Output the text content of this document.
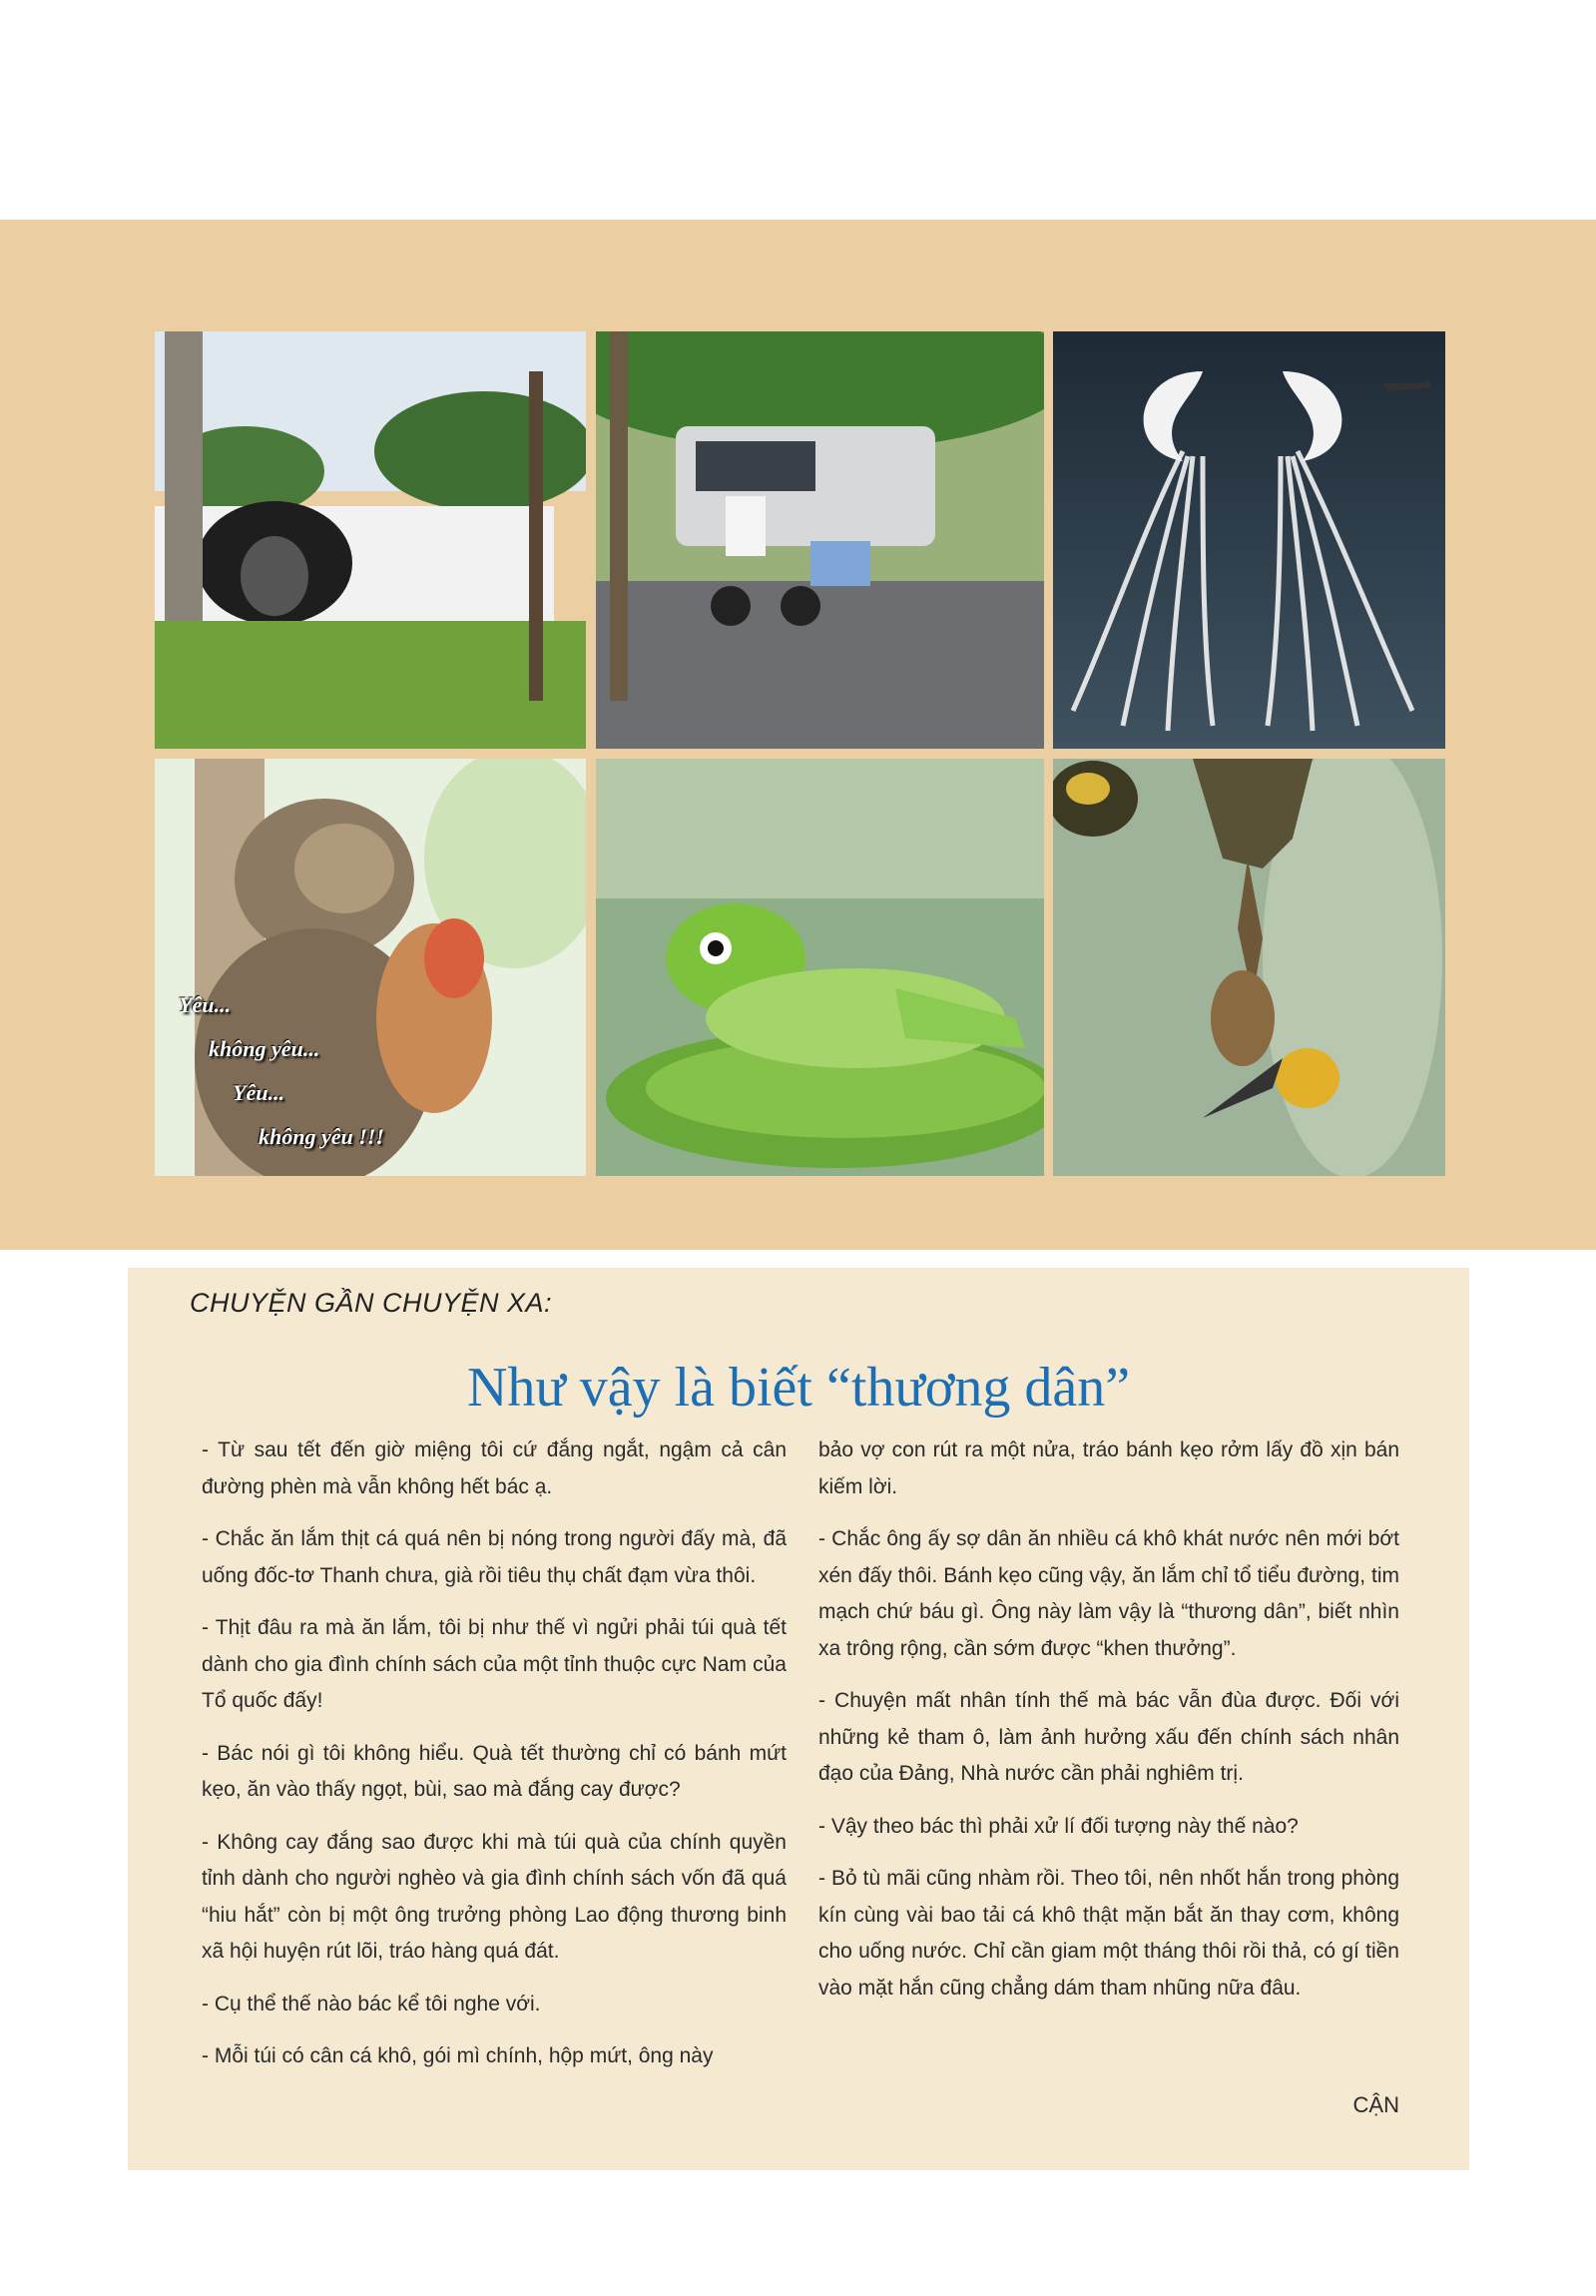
Yêu...
không yêu...
Yêu...
không yêu !!!
CHUYỆN GẦN CHUYỆN XA:
Như vậy là biết “thương dân”

- Từ sau tết đến giờ miệng tôi cứ đắng ngắt, ngậm cả cân đường phèn mà vẫn không hết bác ạ.

- Chắc ăn lắm thịt cá quá nên bị nóng trong người đấy mà, đã uống đốc-tơ Thanh chưa, già rồi tiêu thụ chất đạm vừa thôi.

- Thịt đâu ra mà ăn lắm, tôi bị như thế vì ngửi phải túi quà tết dành cho gia đình chính sách của một tỉnh thuộc cực Nam của Tổ quốc đấy!

- Bác nói gì tôi không hiểu. Quà tết thường chỉ có bánh mứt kẹo, ăn vào thấy ngọt, bùi, sao mà đắng cay được?

- Không cay đắng sao được khi mà túi quà của chính quyền tỉnh dành cho người nghèo và gia đình chính sách vốn đã quá “hiu hắt” còn bị một ông trưởng phòng Lao động thương binh xã hội huyện rút lõi, tráo hàng quá đát.

- Cụ thể thế nào bác kể tôi nghe với.

- Mỗi túi có cân cá khô, gói mì chính, hộp mứt, ông này

bảo vợ con rút ra một nửa, tráo bánh kẹo rởm lấy đồ xịn bán kiếm lời.

- Chắc ông ấy sợ dân ăn nhiều cá khô khát nước nên mới bớt xén đấy thôi. Bánh kẹo cũng vậy, ăn lắm chỉ tổ tiểu đường, tim mạch chứ báu gì. Ông này làm vậy là “thương dân”, biết nhìn xa trông rộng, cần sớm được “khen thưởng”.

- Chuyện mất nhân tính thế mà bác vẫn đùa được. Đối với những kẻ tham ô, làm ảnh hưởng xấu đến chính sách nhân đạo của Đảng, Nhà nước cần phải nghiêm trị.

- Vậy theo bác thì phải xử lí đối tượng này thế nào?

- Bỏ tù mãi cũng nhàm rồi. Theo tôi, nên nhốt hắn trong phòng kín cùng vài bao tải cá khô thật mặn bắt ăn thay cơm, không cho uống nước. Chỉ cần giam một tháng thôi rồi thả, có gí tiền vào mặt hắn cũng chẳng dám tham nhũng nữa đâu.

CẬN
